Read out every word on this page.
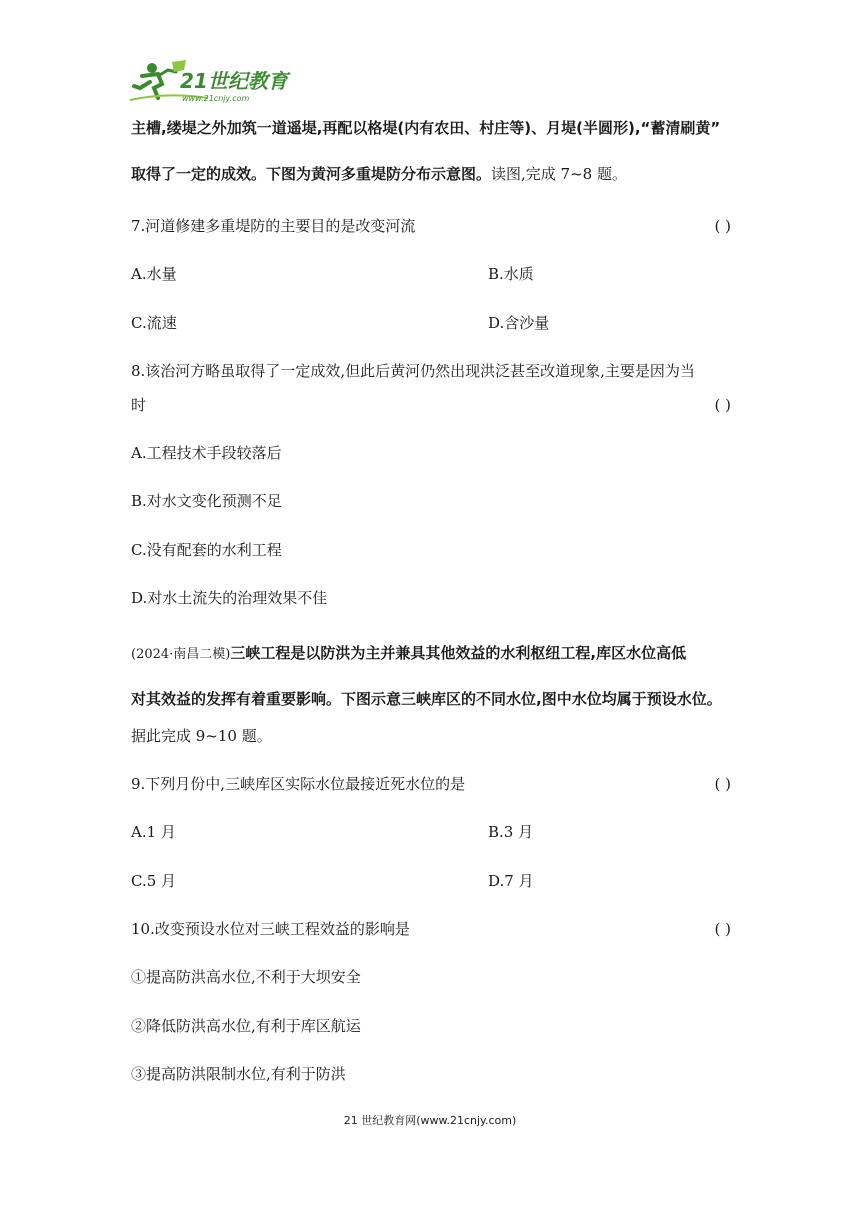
21世纪教育
www.21cnjy.com
主槽,缕堤之外加筑一道遥堤,再配以格堤(内有农田、村庄等)、月堤(半圆形),“蓄清刷黄”
取得了一定的成效。下图为黄河多重堤防分布示意图。读图,完成 7~8 题。
7.河道修建多重堤防的主要目的是改变河流	( )
A.水量	B.水质
C.流速	D.含沙量
8.该治河方略虽取得了一定成效,但此后黄河仍然出现洪泛甚至改道现象,主要是因为当
时	( )
A.工程技术手段较落后
B.对水文变化预测不足
C.没有配套的水利工程
D.对水土流失的治理效果不佳
(2024·南昌二模)三峡工程是以防洪为主并兼具其他效益的水利枢纽工程,库区水位高低
对其效益的发挥有着重要影响。下图示意三峡库区的不同水位,图中水位均属于预设水位。
据此完成 9~10 题。
9.下列月份中,三峡库区实际水位最接近死水位的是	( )
A.1 月	B.3 月
C.5 月	D.7 月
10.改变预设水位对三峡工程效益的影响是	( )
①提高防洪高水位,不利于大坝安全
②降低防洪高水位,有利于库区航运
③提高防洪限制水位,有利于防洪
21 世纪教育网(www.21cnjy.com)
